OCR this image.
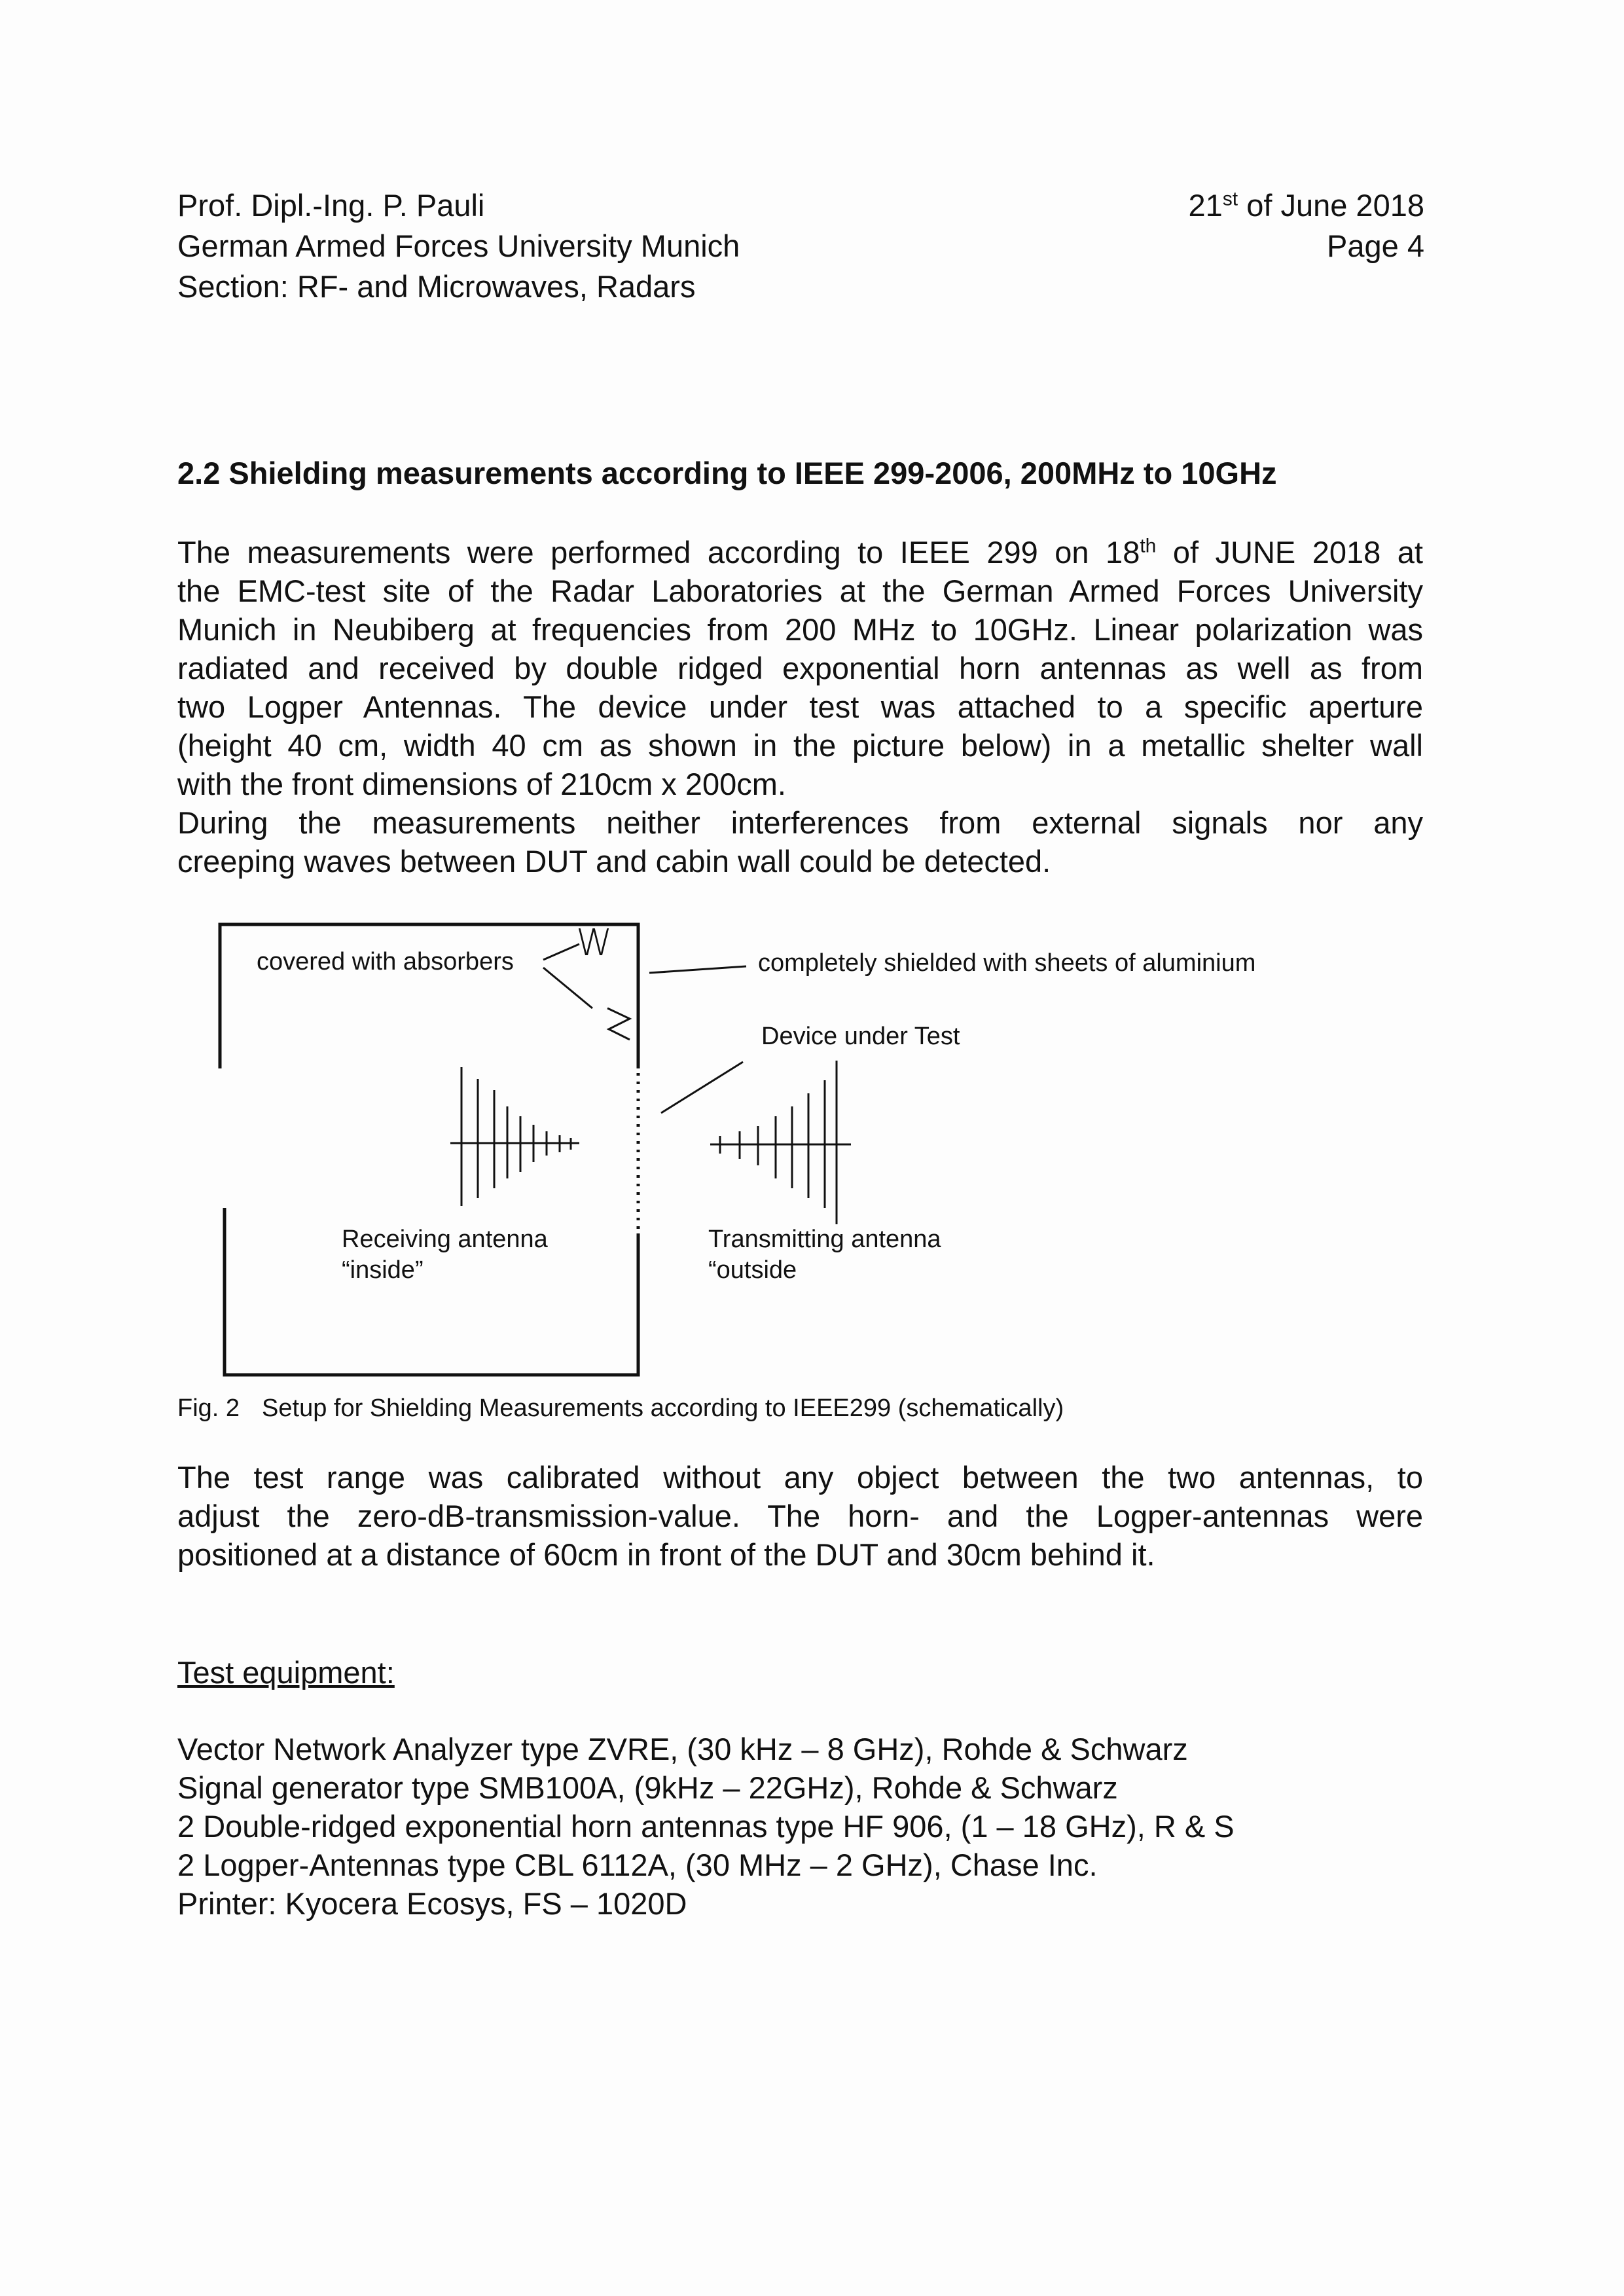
Prof. Dipl.-Ing. P. Pauli
German Armed Forces University Munich
Section: RF- and Microwaves, Radars
21st of June 2018
Page 4
2.2 Shielding measurements according to IEEE 299-2006, 200MHz to 10GHz
The measurements were performed according to IEEE 299 on 18th of JUNE 2018 at
the EMC-test site of the Radar Laboratories at the German Armed Forces University
Munich in Neubiberg at frequencies from 200 MHz to 10GHz. Linear polarization was
radiated and received by double ridged exponential horn antennas as well as from
two Logper Antennas. The device under test was attached to a specific aperture
(height 40 cm, width 40 cm as shown in the picture below) in a metallic shelter wall
with the front dimensions of 210cm x 200cm.
During the measurements neither interferences from external signals nor any
creeping waves between DUT and cabin wall could be detected.
covered with absorbers W	completely shielded with sheets of aluminium
Device under Test
Receiving antenna
“inside”
Transmitting antenna
“outside
Fig. 2 Setup for Shielding Measurements according to IEEE299 (schematically)
The test range was calibrated without any object between the two antennas, to
adjust the zero-dB-transmission-value. The horn- and the Logper-antennas were
positioned at a distance of 60cm in front of the DUT and 30cm behind it.
Test equipment:
Vector Network Analyzer type ZVRE, (30 kHz – 8 GHz), Rohde & Schwarz
Signal generator type SMB100A, (9kHz – 22GHz), Rohde & Schwarz
2 Double-ridged exponential horn antennas type HF 906, (1 – 18 GHz), R & S
2 Logper-Antennas type CBL 6112A, (30 MHz – 2 GHz), Chase Inc.
Printer: Kyocera Ecosys, FS – 1020D
